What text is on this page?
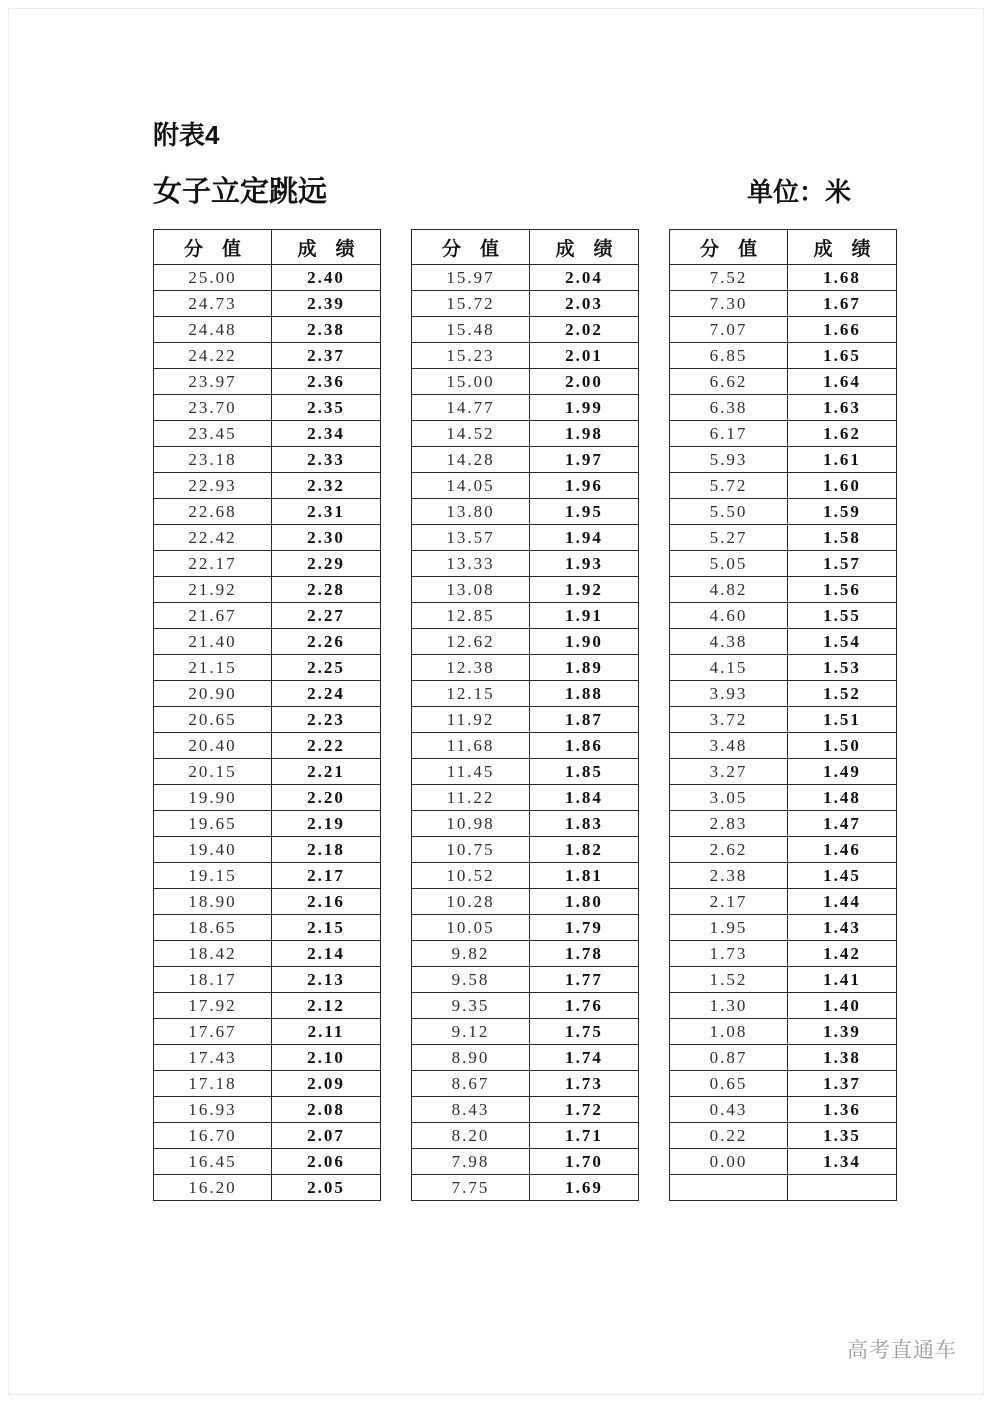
附表4
女子立定跳远	单位：米
分　值	成　绩
25.00	2.40
24.73	2.39
24.48	2.38
24.22	2.37
23.97	2.36
23.70	2.35
23.45	2.34
23.18	2.33
22.93	2.32
22.68	2.31
22.42	2.30
22.17	2.29
21.92	2.28
21.67	2.27
21.40	2.26
21.15	2.25
20.90	2.24
20.65	2.23
20.40	2.22
20.15	2.21
19.90	2.20
19.65	2.19
19.40	2.18
19.15	2.17
18.90	2.16
18.65	2.15
18.42	2.14
18.17	2.13
17.92	2.12
17.67	2.11
17.43	2.10
17.18	2.09
16.93	2.08
16.70	2.07
16.45	2.06
16.20	2.05
分　值	成　绩
15.97	2.04
15.72	2.03
15.48	2.02
15.23	2.01
15.00	2.00
14.77	1.99
14.52	1.98
14.28	1.97
14.05	1.96
13.80	1.95
13.57	1.94
13.33	1.93
13.08	1.92
12.85	1.91
12.62	1.90
12.38	1.89
12.15	1.88
11.92	1.87
11.68	1.86
11.45	1.85
11.22	1.84
10.98	1.83
10.75	1.82
10.52	1.81
10.28	1.80
10.05	1.79
9.82	1.78
9.58	1.77
9.35	1.76
9.12	1.75
8.90	1.74
8.67	1.73
8.43	1.72
8.20	1.71
7.98	1.70
7.75	1.69
分　值	成　绩
7.52	1.68
7.30	1.67
7.07	1.66
6.85	1.65
6.62	1.64
6.38	1.63
6.17	1.62
5.93	1.61
5.72	1.60
5.50	1.59
5.27	1.58
5.05	1.57
4.82	1.56
4.60	1.55
4.38	1.54
4.15	1.53
3.93	1.52
3.72	1.51
3.48	1.50
3.27	1.49
3.05	1.48
2.83	1.47
2.62	1.46
2.38	1.45
2.17	1.44
1.95	1.43
1.73	1.42
1.52	1.41
1.30	1.40
1.08	1.39
0.87	1.38
0.65	1.37
0.43	1.36
0.22	1.35
0.00	1.34

高考直通车
